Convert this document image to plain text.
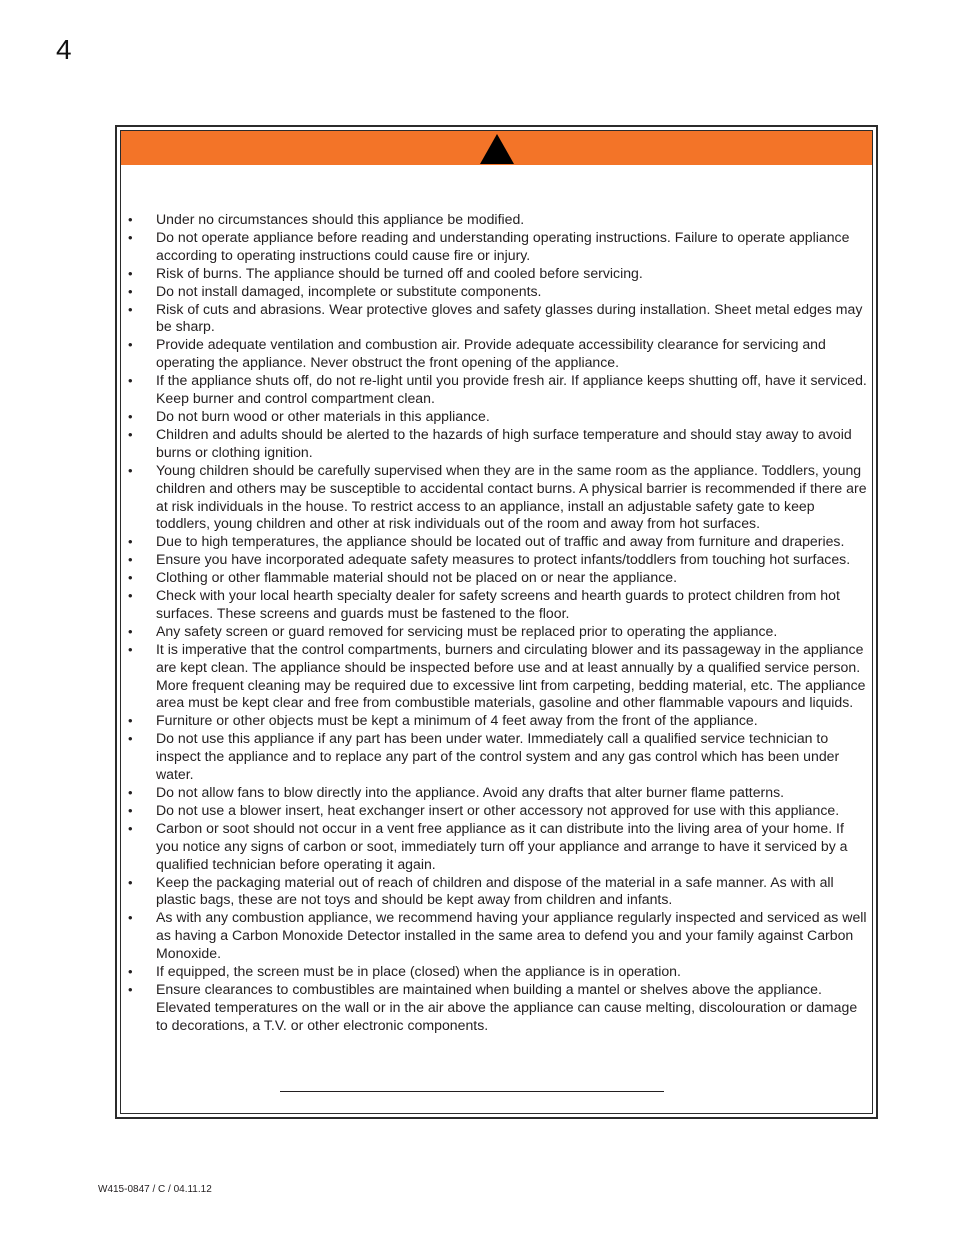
4
• Under no circumstances should this appliance be modified.
• Do not operate appliance before reading and understanding operating instructions. Failure to operate appliance according to operating instructions could cause fire or injury.
• Risk of burns. The appliance should be turned off and cooled before servicing.
• Do not install damaged, incomplete or substitute components.
• Risk of cuts and abrasions. Wear protective gloves and safety glasses during installation. Sheet metal edges may be sharp.
• Provide adequate ventilation and combustion air. Provide adequate accessibility clearance for servicing and operating the appliance. Never obstruct the front opening of the appliance.
• If the appliance shuts off, do not re-light until you provide fresh air. If appliance keeps shutting off, have it serviced. Keep burner and control compartment clean.
• Do not burn wood or other materials in this appliance.
• Children and adults should be alerted to the hazards of high surface temperature and should stay away to avoid burns or clothing ignition.
• Young children should be carefully supervised when they are in the same room as the appliance. Toddlers, young children and others may be susceptible to accidental contact burns. A physical barrier is recommended if there are at risk individuals in the house. To restrict access to an appliance, install an adjustable safety gate to keep toddlers, young children and other at risk individuals out of the room and away from hot surfaces.
• Due to high temperatures, the appliance should be located out of traffic and away from furniture and draperies.
• Ensure you have incorporated adequate safety measures to protect infants/toddlers from touching hot surfaces.
• Clothing or other flammable material should not be placed on or near the appliance.
• Check with your local hearth specialty dealer for safety screens and hearth guards to protect children from hot surfaces. These screens and guards must be fastened to the floor.
• Any safety screen or guard removed for servicing must be replaced prior to operating the appliance.
• It is imperative that the control compartments, burners and circulating blower and its passageway in the appliance are kept clean. The appliance should be inspected before use and at least annually by a qualified service person. More frequent cleaning may be required due to excessive lint from carpeting, bedding material, etc. The appliance area must be kept clear and free from combustible materials, gasoline and other flammable vapours and liquids.
• Furniture or other objects must be kept a minimum of 4 feet away from the front of the appliance.
• Do not use this appliance if any part has been under water. Immediately call a qualified service technician to inspect the appliance and to replace any part of the control system and any gas control which has been under water.
• Do not allow fans to blow directly into the appliance. Avoid any drafts that alter burner flame patterns.
• Do not use a blower insert, heat exchanger insert or other accessory not approved for use with this appliance.
• Carbon or soot should not occur in a vent free appliance as it can distribute into the living area of your home. If you notice any signs of carbon or soot, immediately turn off your appliance and arrange to have it serviced by a qualified technician before operating it again.
• Keep the packaging material out of reach of children and dispose of the material in a safe manner. As with all plastic bags, these are not toys and should be kept away from children and infants.
• As with any combustion appliance, we recommend having your appliance regularly inspected and serviced as well as having a Carbon Monoxide Detector installed in the same area to defend you and your family against Carbon Monoxide.
• If equipped, the screen must be in place (closed) when the appliance is in operation.
• Ensure clearances to combustibles are maintained when building a mantel or shelves above the appliance. Elevated temperatures on the wall or in the air above the appliance can cause melting, discolouration or damage to decorations, a T.V. or other electronic components.
W415-0847 / C / 04.11.12
